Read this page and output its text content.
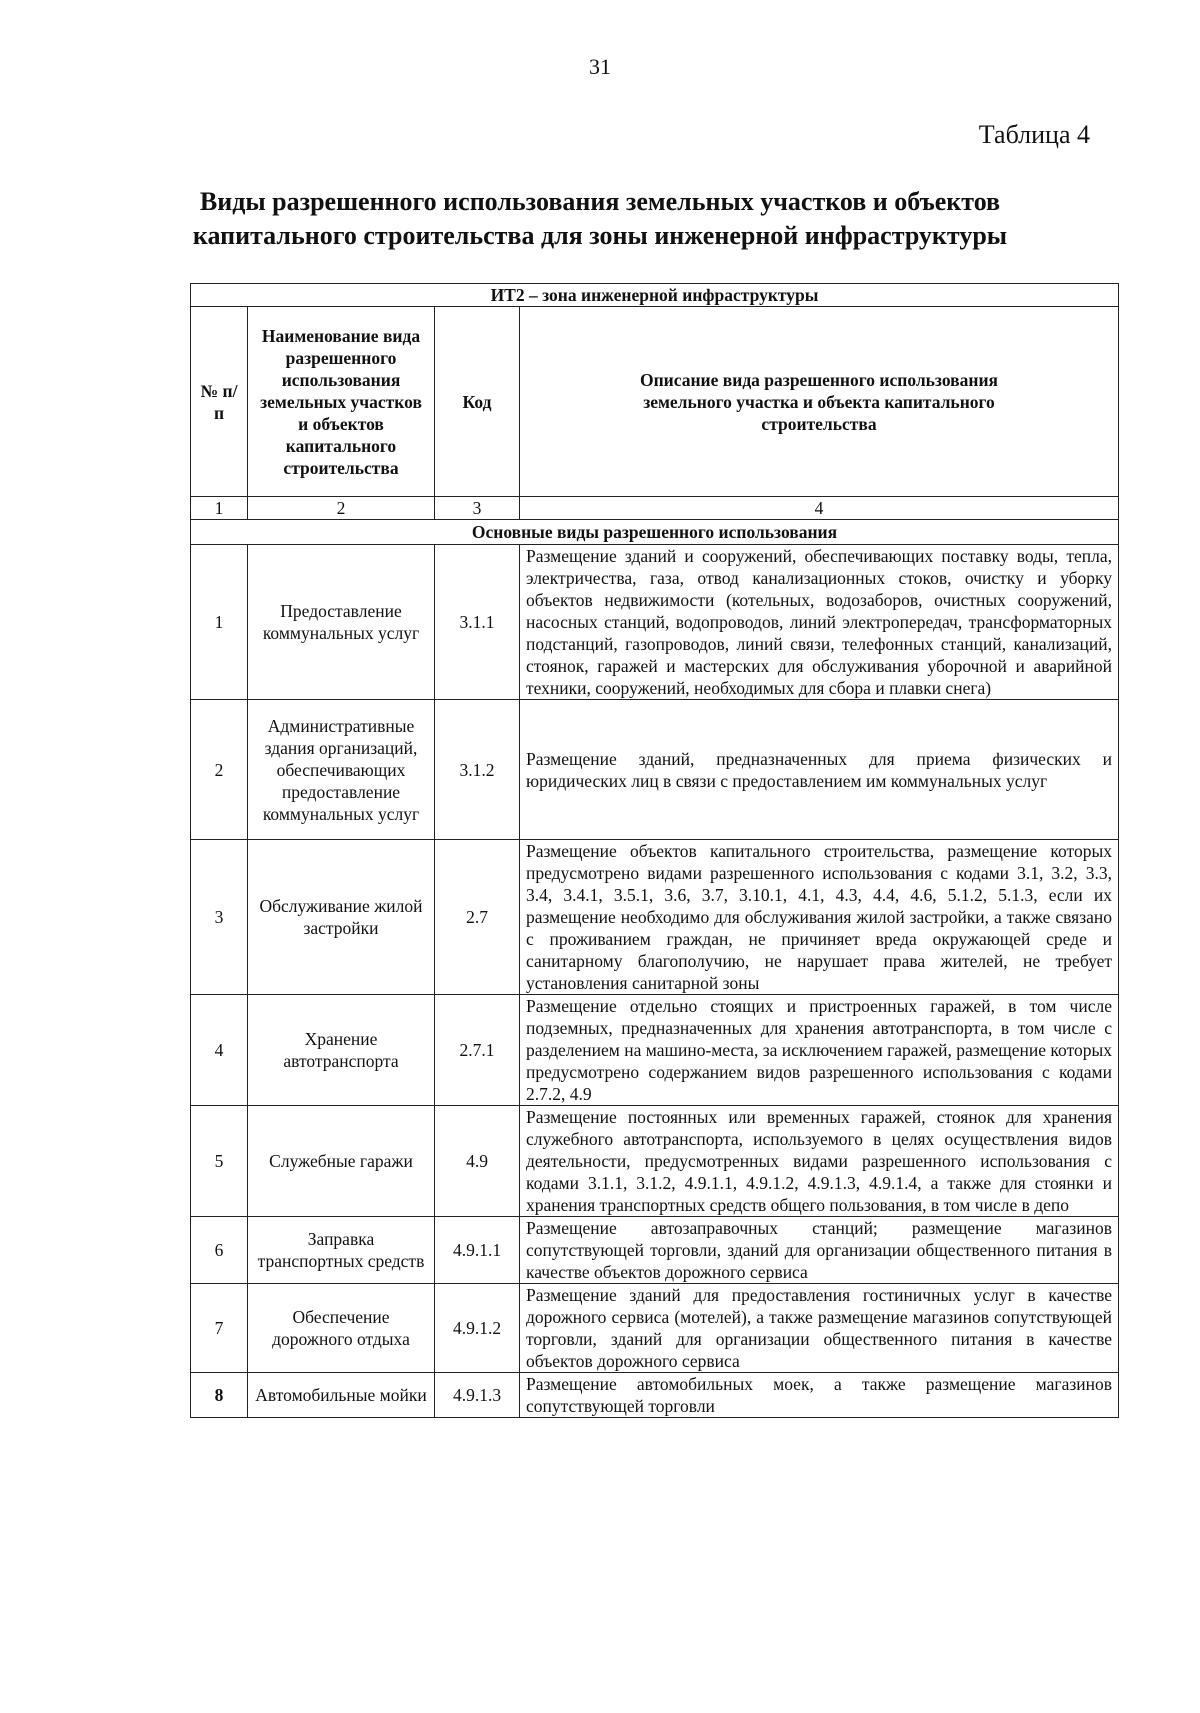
31
Таблица 4
Виды разрешенного использования земельных участков и объектов
капитального строительства для зоны инженерной инфраструктуры
ИТ2 – зона инженерной инфраструктуры			
№ п/п	Наименование вида разрешенного использования земельных участков и объектов капитального строительства	Код	Описание вида разрешенного использования земельного участка и объекта капитального строительства
1	2	3	4
Основные виды разрешенного использования			
1	Предоставление коммунальных услуг	3.1.1	Размещение зданий и сооружений, обеспечивающих поставку воды, тепла, электричества, газа, отвод канализационных стоков, очистку и уборку объектов недвижимости (котельных, водозаборов, очистных сооружений, насосных станций, водопроводов, линий электропередач, трансформаторных подстанций, газопроводов, линий связи, телефонных станций, канализаций, стоянок, гаражей и мастерских для обслуживания уборочной и аварийной техники, сооружений, необходимых для сбора и плавки снега)
2	Административные здания организаций, обеспечивающих предоставление коммунальных услуг	3.1.2	Размещение зданий, предназначенных для приема физических и юридических лиц в связи с предоставлением им коммунальных услуг
3	Обслуживание жилой застройки	2.7	Размещение объектов капитального строительства, размещение которых предусмотрено видами разрешенного использования с кодами 3.1, 3.2, 3.3, 3.4, 3.4.1, 3.5.1, 3.6, 3.7, 3.10.1, 4.1, 4.3, 4.4, 4.6, 5.1.2, 5.1.3, если их размещение необходимо для обслуживания жилой застройки, а также связано с проживанием граждан, не причиняет вреда окружающей среде и санитарному благополучию, не нарушает права жителей, не требует установления санитарной зоны
4	Хранение автотранспорта	2.7.1	Размещение отдельно стоящих и пристроенных гаражей, в том числе подземных, предназначенных для хранения автотранспорта, в том числе с разделением на машино-места, за исключением гаражей, размещение которых предусмотрено содержанием видов разрешенного использования с кодами 2.7.2, 4.9
5	Служебные гаражи	4.9	Размещение постоянных или временных гаражей, стоянок для хранения служебного автотранспорта, используемого в целях осуществления видов деятельности, предусмотренных видами разрешенного использования с кодами 3.1.1, 3.1.2, 4.9.1.1, 4.9.1.2, 4.9.1.3, 4.9.1.4, а также для стоянки и хранения транспортных средств общего пользования, в том числе в депо
6	Заправка транспортных средств	4.9.1.1	Размещение автозаправочных станций; размещение магазинов сопутствующей торговли, зданий для организации общественного питания в качестве объектов дорожного сервиса
7	Обеспечение дорожного отдыха	4.9.1.2	Размещение зданий для предоставления гостиничных услуг в качестве дорожного сервиса (мотелей), а также размещение магазинов сопутствующей торговли, зданий для организации общественного питания в качестве объектов дорожного сервиса
8	Автомобильные мойки	4.9.1.3	Размещение автомобильных моек, а также размещение магазинов сопутствующей торговли
